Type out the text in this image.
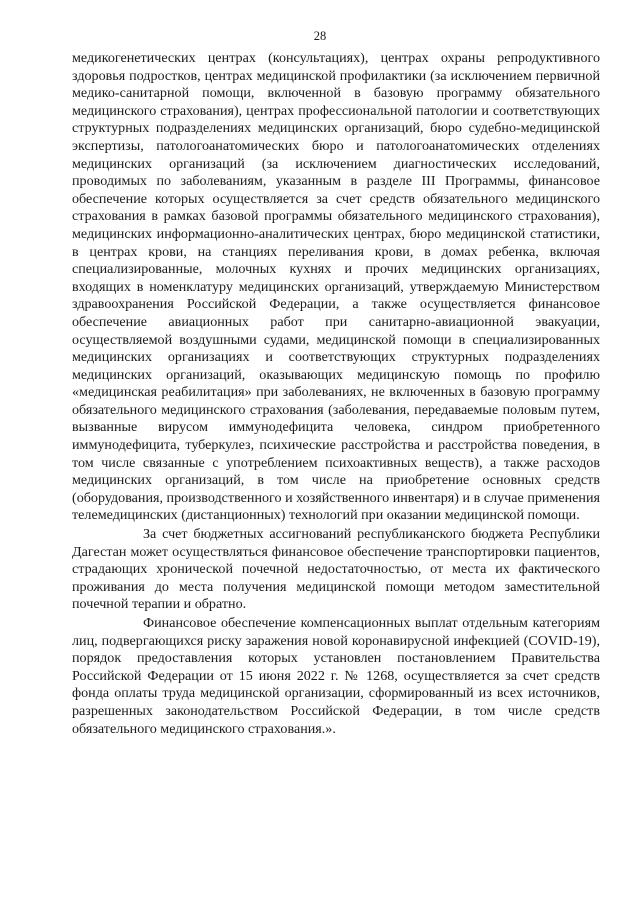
28

медикогенетических центрах (консультациях), центрах охраны репродуктивного здоровья подростков, центрах медицинской профилактики (за исключением первичной медико-санитарной помощи, включенной в базовую программу обязательного медицинского страхования), центрах профессиональной патологии и соответствующих структурных подразделениях медицинских организаций, бюро судебно-медицинской экспертизы, патологоанатомических бюро и патологоанатомических отделениях медицинских организаций (за исключением диагностических исследований, проводимых по заболеваниям, указанным в разделе III Программы, финансовое обеспечение которых осуществляется за счет средств обязательного медицинского страхования в рамках базовой программы обязательного медицинского страхования), медицинских информационно-аналитических центрах, бюро медицинской статистики, в центрах крови, на станциях переливания крови, в домах ребенка, включая специализированные, молочных кухнях и прочих медицинских организациях, входящих в номенклатуру медицинских организаций, утверждаемую Министерством здравоохранения Российской Федерации, а также осуществляется финансовое обеспечение авиационных работ при санитарно-авиационной эвакуации, осуществляемой воздушными судами, медицинской помощи в специализированных медицинских организациях и соответствующих структурных подразделениях медицинских организаций, оказывающих медицинскую помощь по профилю «медицинская реабилитация» при заболеваниях, не включенных в базовую программу обязательного медицинского страхования (заболевания, передаваемые половым путем, вызванные вирусом иммунодефицита человека, синдром приобретенного иммунодефицита, туберкулез, психические расстройства и расстройства поведения, в том числе связанные с употреблением психоактивных веществ), а также расходов медицинских организаций, в том числе на приобретение основных средств (оборудования, производственного и хозяйственного инвентаря) и в случае применения телемедицинских (дистанционных) технологий при оказании медицинской помощи.

За счет бюджетных ассигнований республиканского бюджета Республики Дагестан может осуществляться финансовое обеспечение транспортировки пациентов, страдающих хронической почечной недостаточностью, от места их фактического проживания до места получения медицинской помощи методом заместительной почечной терапии и обратно.

Финансовое обеспечение компенсационных выплат отдельным категориям лиц, подвергающихся риску заражения новой коронавирусной инфекцией (COVID-19), порядок предоставления которых установлен постановлением Правительства Российской Федерации от 15 июня 2022 г. № 1268, осуществляется за счет средств фонда оплаты труда медицинской организации, сформированный из всех источников, разрешенных законодательством Российской Федерации, в том числе средств обязательного медицинского страхования.».
